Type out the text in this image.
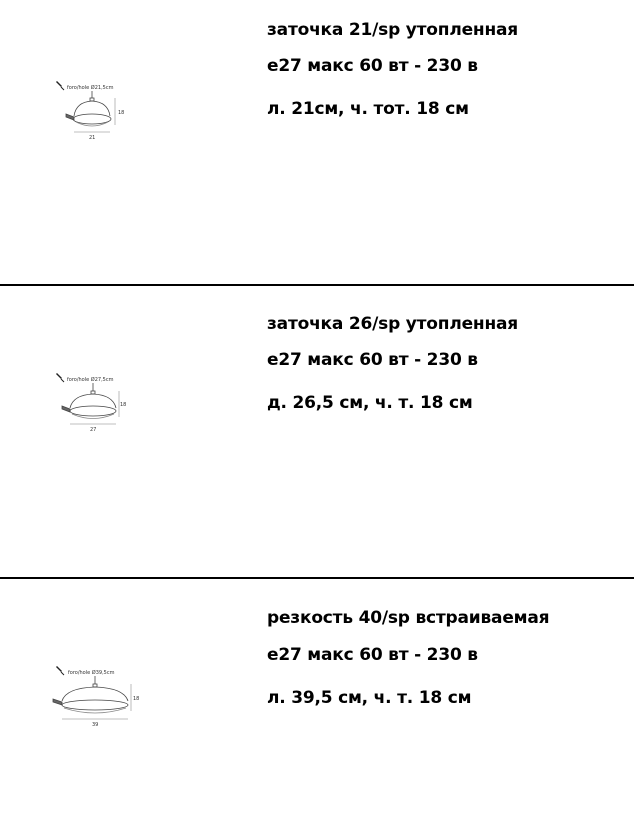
заточка 21/sp утопленная
e27 макс 60 вт - 230 в
л. 21см, ч. тот. 18 см
foro/hole Ø21,5cm
18
21
заточка 26/sp утопленная
e27 макс 60 вт - 230 в
д. 26,5 см, ч. т. 18 см
foro/hole Ø27,5cm
18
27
резкость 40/sp встраиваемая
e27 макс 60 вт - 230 в
л. 39,5 см, ч. т. 18 см
foro/hole Ø39,5cm
18
39
